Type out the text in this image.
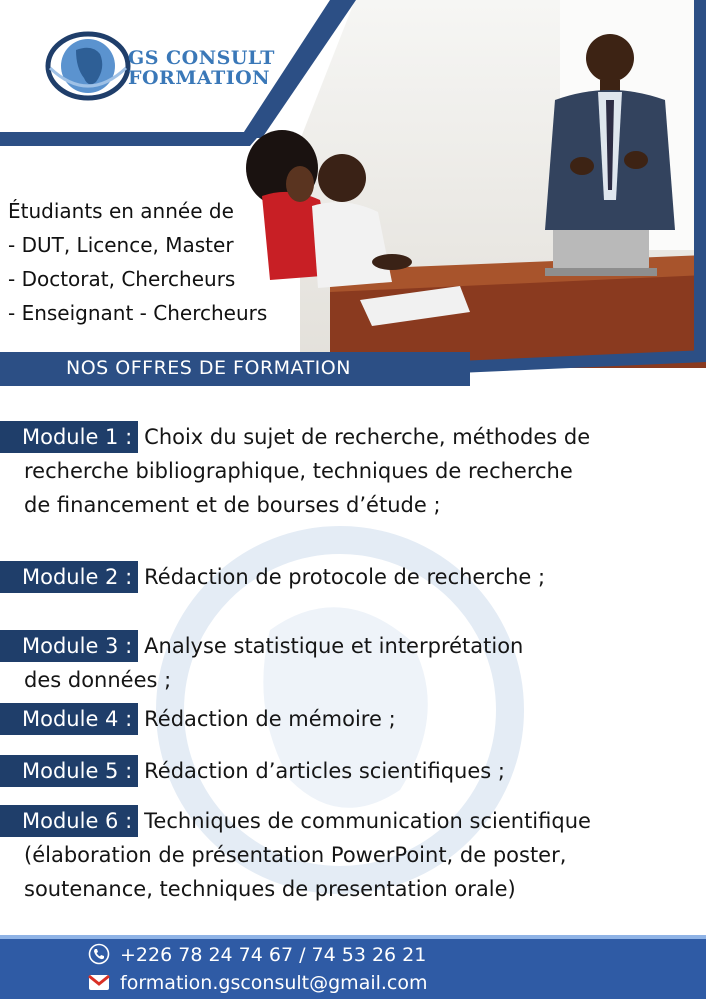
GS CONSULT
FORMATION
Étudiants en année de
- DUT, Licence, Master
- Doctorat, Chercheurs
- Enseignant - Chercheurs
NOS OFFRES DE FORMATION
Module 1 : Choix du sujet de recherche, méthodes de
recherche bibliographique, techniques de recherche
de financement et de bourses d’étude ;
Module 2 : Rédaction de protocole de recherche ;
Module 3 : Analyse statistique et interprétation
des données ;
Module 4 : Rédaction de mémoire ;
Module 5 : Rédaction d’articles scientifiques ;
Module 6 : Techniques de communication scientifique
(élaboration de présentation PowerPoint, de poster,
soutenance, techniques de presentation orale)
+226 78 24 74 67 / 74 53 26 21
formation.gsconsult@gmail.com
